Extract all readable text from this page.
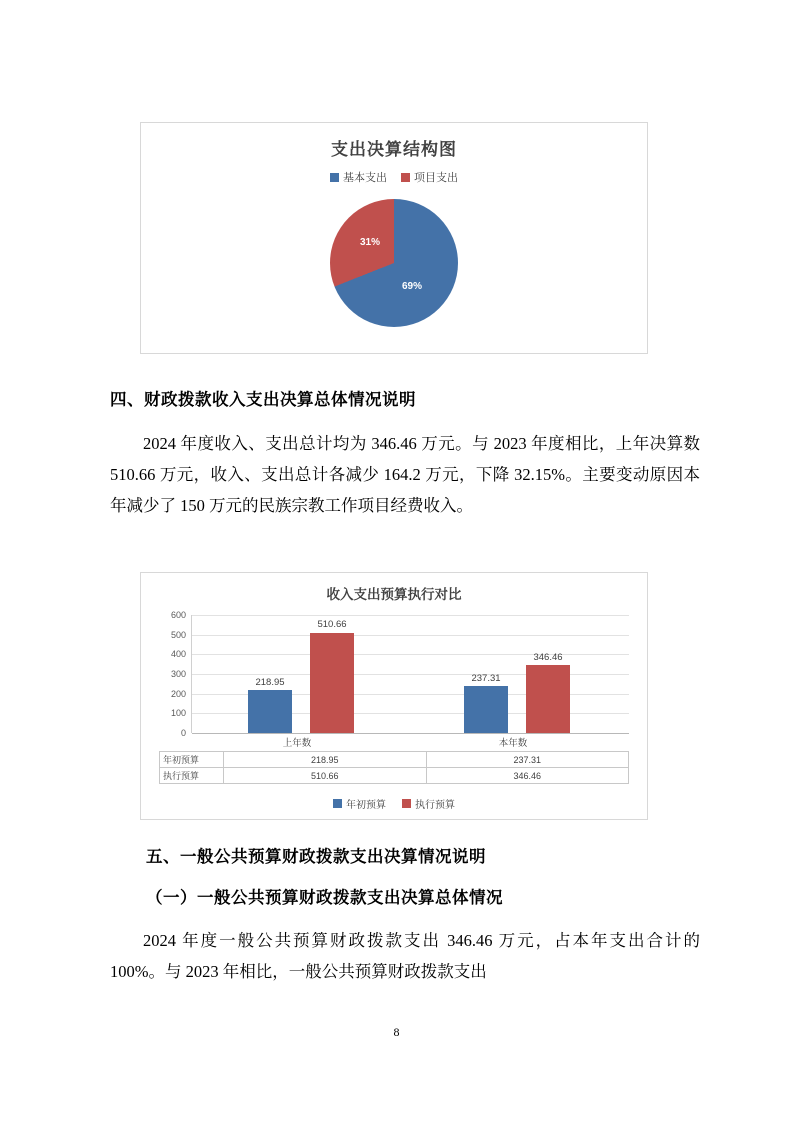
支出决算结构图
基本支出 项目支出
69%
31%
四、财政拨款收入支出决算总体情况说明
2024 年度收入、支出总计均为 346.46 万元。与 2023 年度相比，上年决算数 510.66 万元，收入、支出总计各减少 164.2 万元，下降 32.15%。主要变动原因本年减少了 150 万元的民族宗教工作项目经费收入。
收入支出预算执行对比
600
500
400
300
200
100
0
218.95
510.66
237.31
346.46
上年数	本年数
年初预算	218.95	237.31
执行预算	510.66	346.46
年初预算	执行预算
五、一般公共预算财政拨款支出决算情况说明
（一）一般公共预算财政拨款支出决算总体情况
2024 年度一般公共预算财政拨款支出 346.46 万元，占本年支出合计的 100%。与 2023 年相比，一般公共预算财政拨款支出
8
